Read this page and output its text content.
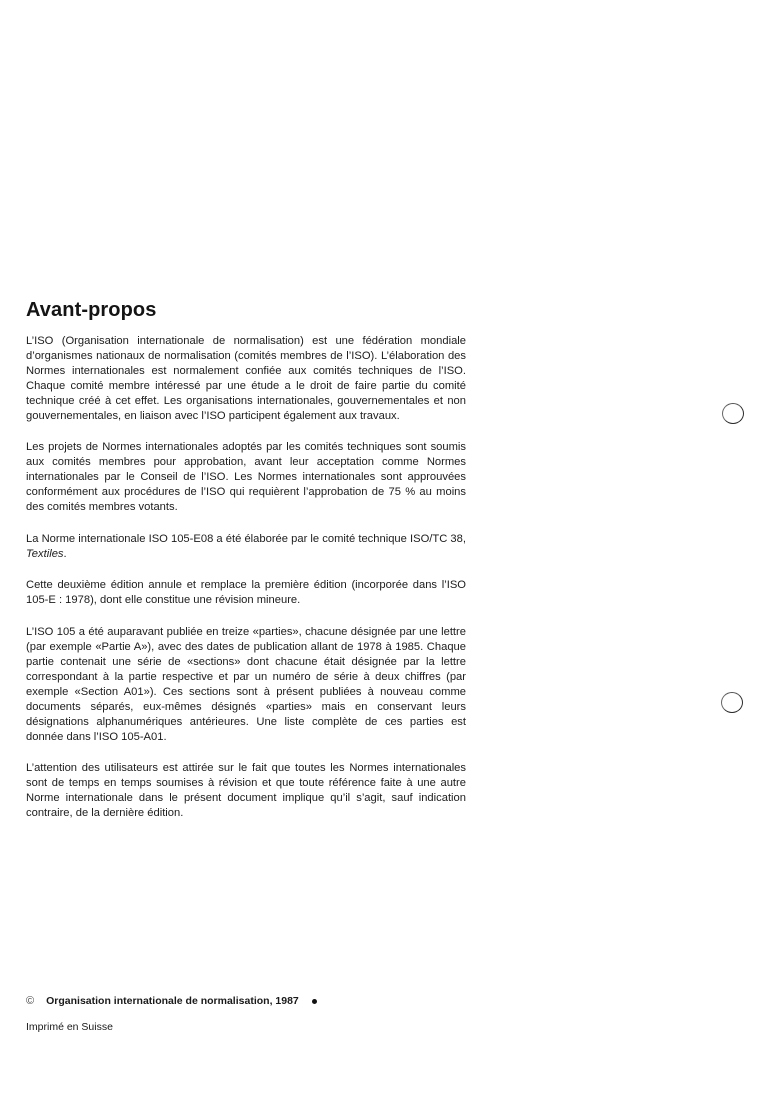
Avant-propos

L’ISO (Organisation internationale de normalisation) est une fédération mondiale d’organismes nationaux de normalisation (comités membres de l’ISO). L’élaboration des Normes internationales est normalement confiée aux comités techniques de l’ISO. Chaque comité membre intéressé par une étude a le droit de faire partie du comité technique créé à cet effet. Les organisations internationales, gouvernementales et non gouvernementales, en liaison avec l’ISO participent également aux travaux.

Les projets de Normes internationales adoptés par les comités techniques sont soumis aux comités membres pour approbation, avant leur acceptation comme Normes internationales par le Conseil de l’ISO. Les Normes internationales sont approuvées conformément aux procédures de l’ISO qui requièrent l’approbation de 75 % au moins des comités membres votants.

La Norme internationale ISO 105-E08 a été élaborée par le comité technique ISO/TC 38, Textiles.

Cette deuxième édition annule et remplace la première édition (incorporée dans l’ISO 105-E : 1978), dont elle constitue une révision mineure.

L’ISO 105 a été auparavant publiée en treize «parties», chacune désignée par une lettre (par exemple «Partie A»), avec des dates de publication allant de 1978 à 1985. Chaque partie contenait une série de «sections» dont chacune était désignée par la lettre correspondant à la partie respective et par un numéro de série à deux chiffres (par exemple «Section A01»). Ces sections sont à présent publiées à nouveau comme documents séparés, eux-mêmes désignés «parties» mais en conservant leurs désignations alphanumériques antérieures. Une liste complète de ces parties est donnée dans l’ISO 105-A01.

L’attention des utilisateurs est attirée sur le fait que toutes les Normes internationales sont de temps en temps soumises à révision et que toute référence faite à une autre Norme internationale dans le présent document implique qu’il s’agit, sauf indication contraire, de la dernière édition.

© Organisation internationale de normalisation, 1987
Imprimé en Suisse
